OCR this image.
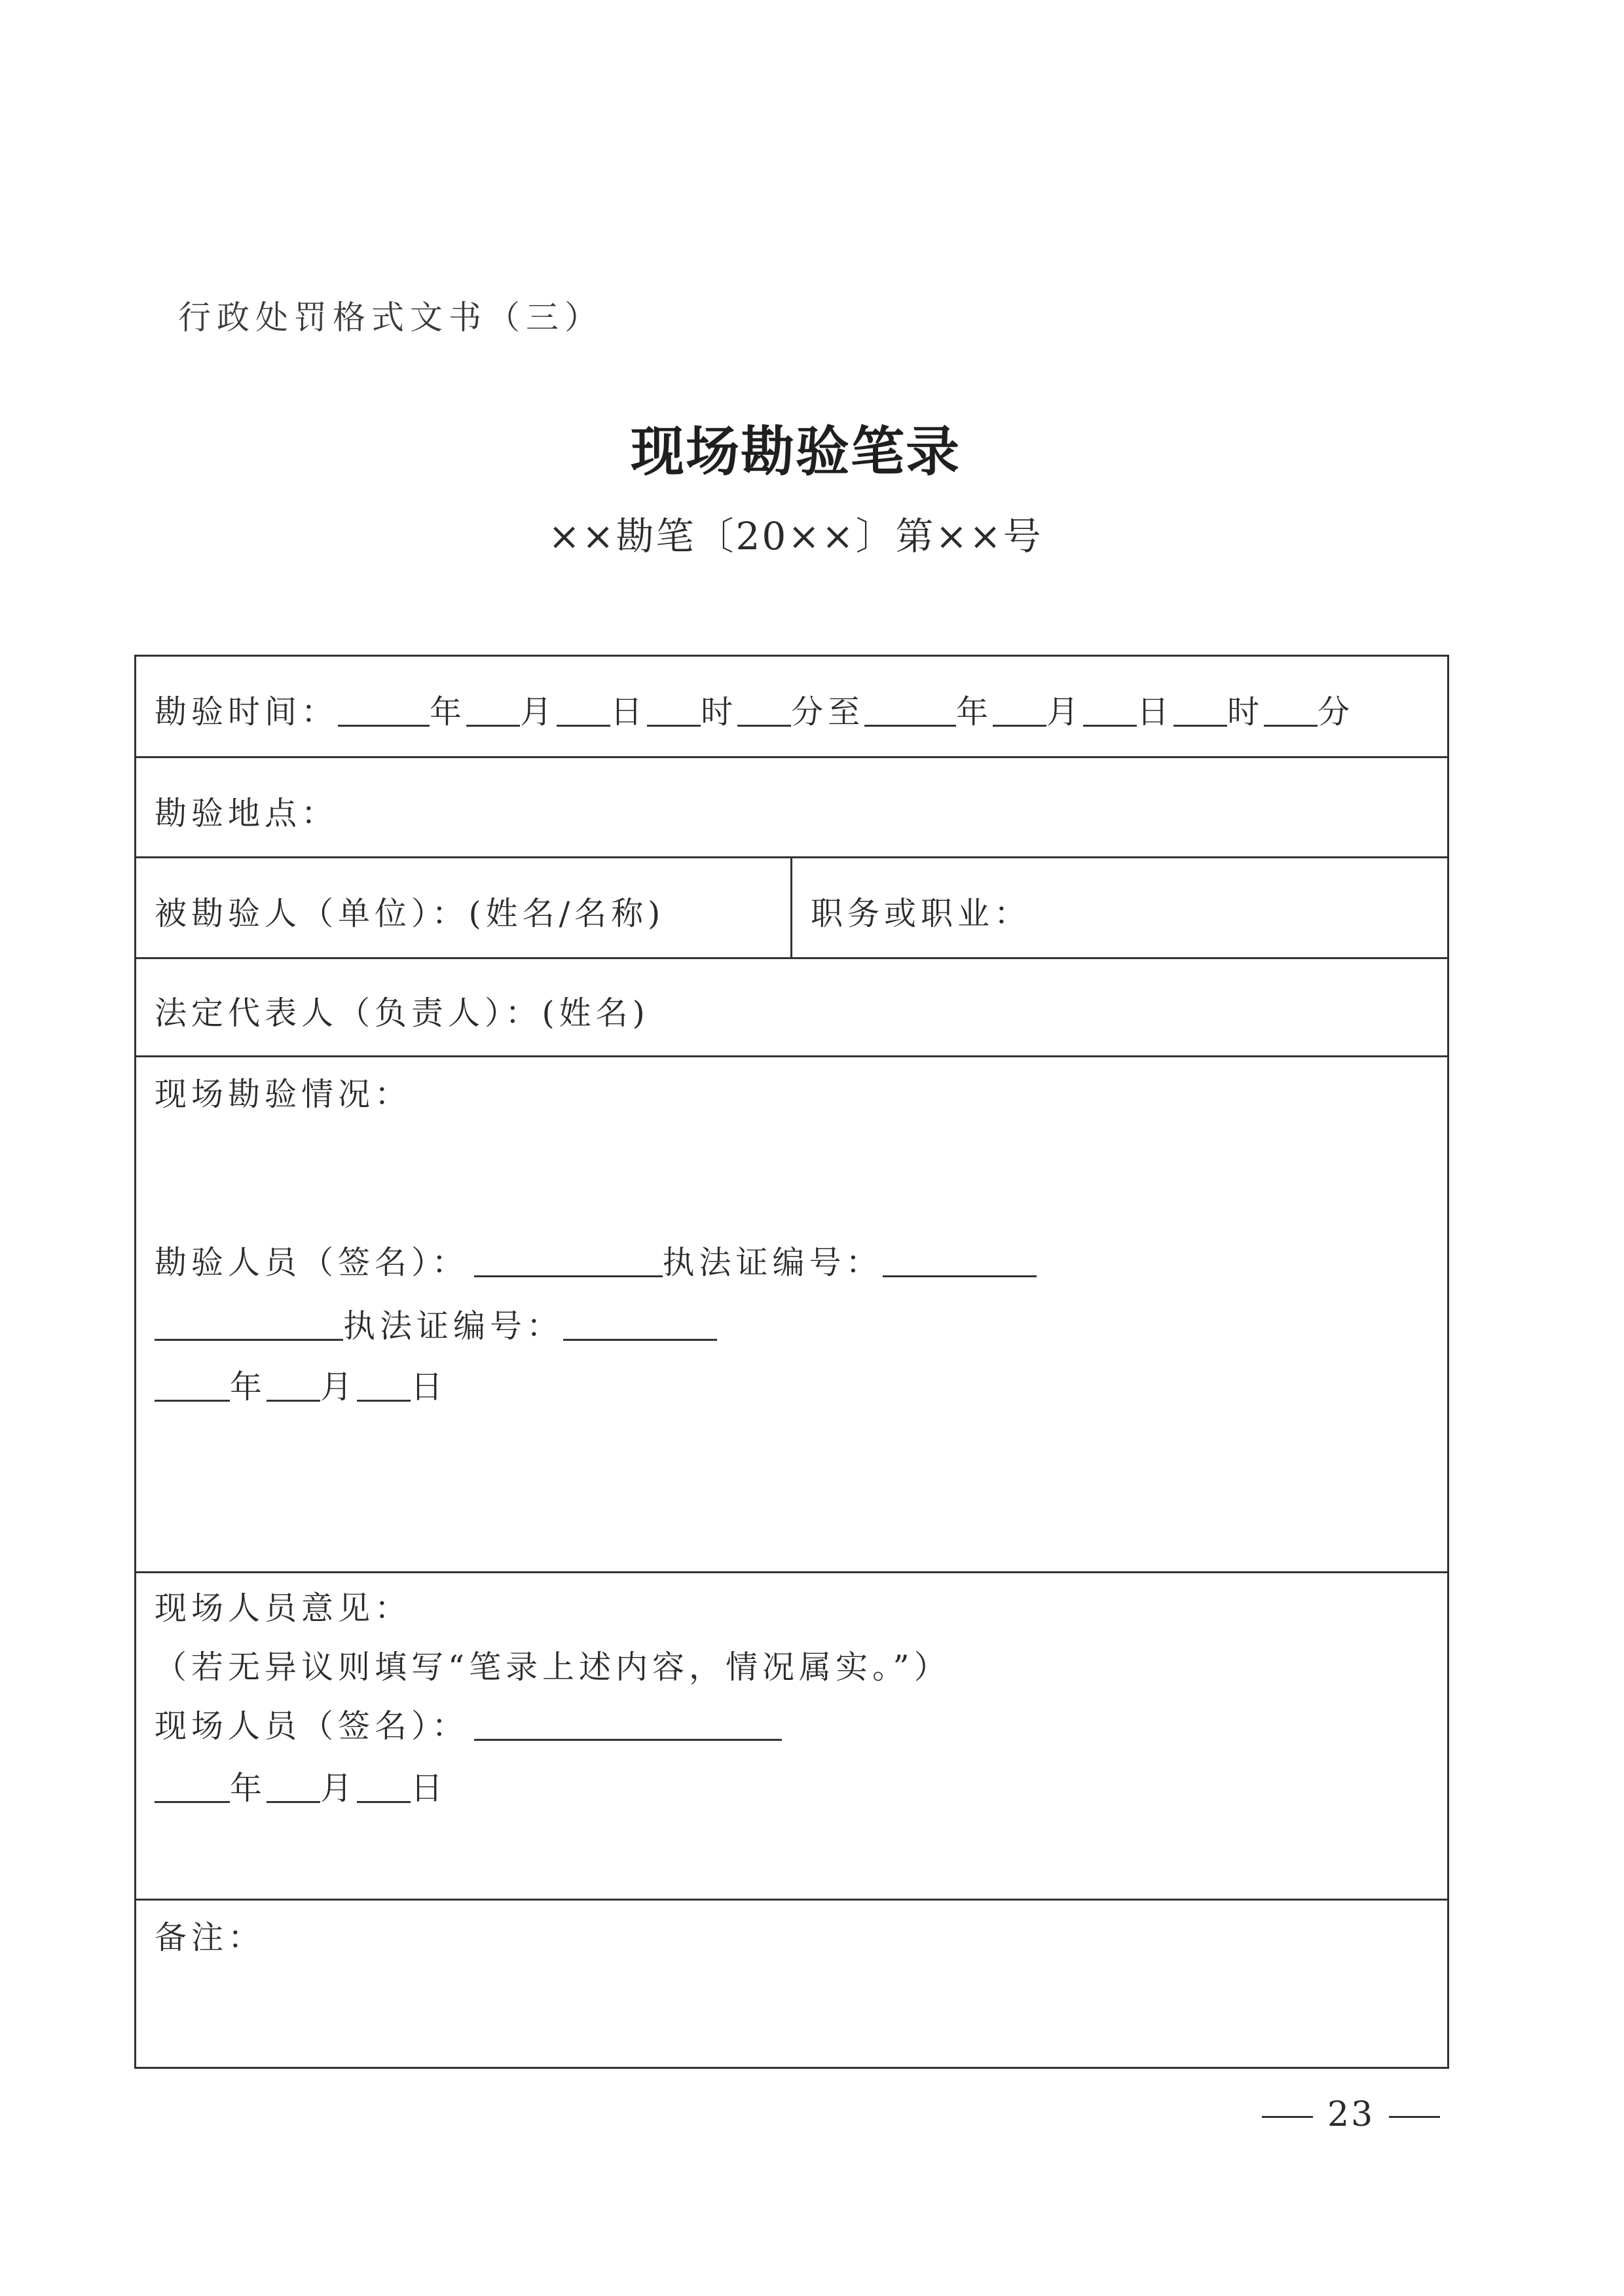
行政处罚格式文书（三）
现场勘验笔录
××勘笔〔20××〕第××号
勘验时间：	年 月 日 时 分至	年 月 日 时 分
勘验地点：
被勘验人（单位）：(姓名/名称)	职务或职业：
法定代表人（负责人）：(姓名)
现场勘验情况：
勘验人员（签名）：	执法证编号：
执法证编号：
年 月 日
现场人员意见：
（若无异议则填写“笔录上述内容，情况属实。”）
现场人员（签名）：
年 月 日
备注：
23
